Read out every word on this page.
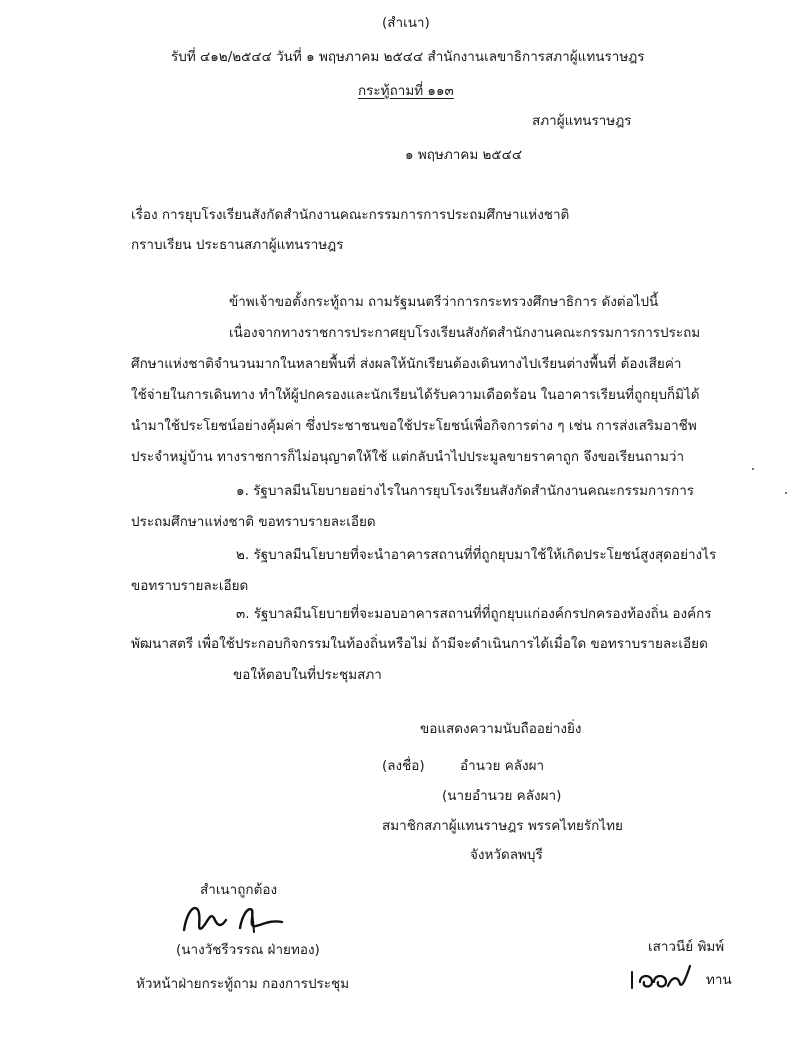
(สำเนา)
รับที่ ๔๑๒/๒๕๔๔ วันที่ ๑ พฤษภาคม ๒๕๔๔ สำนักงานเลขาธิการสภาผู้แทนราษฎร
กระทู้ถามที่ ๑๑๓
สภาผู้แทนราษฎร
๑ พฤษภาคม ๒๕๔๔
เรื่อง การยุบโรงเรียนสังกัดสำนักงานคณะกรรมการการประถมศึกษาแห่งชาติ
กราบเรียน ประธานสภาผู้แทนราษฎร
ข้าพเจ้าขอตั้งกระทู้ถาม ถามรัฐมนตรีว่าการกระทรวงศึกษาธิการ ดังต่อไปนี้
เนื่องจากทางราชการประกาศยุบโรงเรียนสังกัดสำนักงานคณะกรรมการการประถม
ศึกษาแห่งชาติจำนวนมากในหลายพื้นที่ ส่งผลให้นักเรียนต้องเดินทางไปเรียนต่างพื้นที่ ต้องเสียค่า
ใช้จ่ายในการเดินทาง ทำให้ผู้ปกครองและนักเรียนได้รับความเดือดร้อน ในอาคารเรียนที่ถูกยุบก็มิได้
นำมาใช้ประโยชน์อย่างคุ้มค่า ซึ่งประชาชนขอใช้ประโยชน์เพื่อกิจการต่าง ๆ เช่น การส่งเสริมอาชีพ
ประจำหมู่บ้าน ทางราชการก็ไม่อนุญาตให้ใช้ แต่กลับนำไปประมูลขายราคาถูก จึงขอเรียนถามว่า
๑. รัฐบาลมีนโยบายอย่างไรในการยุบโรงเรียนสังกัดสำนักงานคณะกรรมการการ
ประถมศึกษาแห่งชาติ ขอทราบรายละเอียด
๒. รัฐบาลมีนโยบายที่จะนำอาคารสถานที่ที่ถูกยุบมาใช้ให้เกิดประโยชน์สูงสุดอย่างไร
ขอทราบรายละเอียด
๓. รัฐบาลมีนโยบายที่จะมอบอาคารสถานที่ที่ถูกยุบแก่องค์กรปกครองท้องถิ่น องค์กร
พัฒนาสตรี เพื่อใช้ประกอบกิจกรรมในท้องถิ่นหรือไม่ ถ้ามีจะดำเนินการได้เมื่อใด ขอทราบรายละเอียด
ขอให้ตอบในที่ประชุมสภา
ขอแสดงความนับถืออย่างยิ่ง
(ลงชื่อ)	อำนวย คลังผา
(นายอำนวย คลังผา)
สมาชิกสภาผู้แทนราษฎร พรรคไทยรักไทย
จังหวัดลพบุรี
สำเนาถูกต้อง
(นางวัชรีวรรณ ฝ่ายทอง)
หัวหน้าฝ่ายกระทู้ถาม กองการประชุม
เสาวนีย์ พิมพ์
ทาน
